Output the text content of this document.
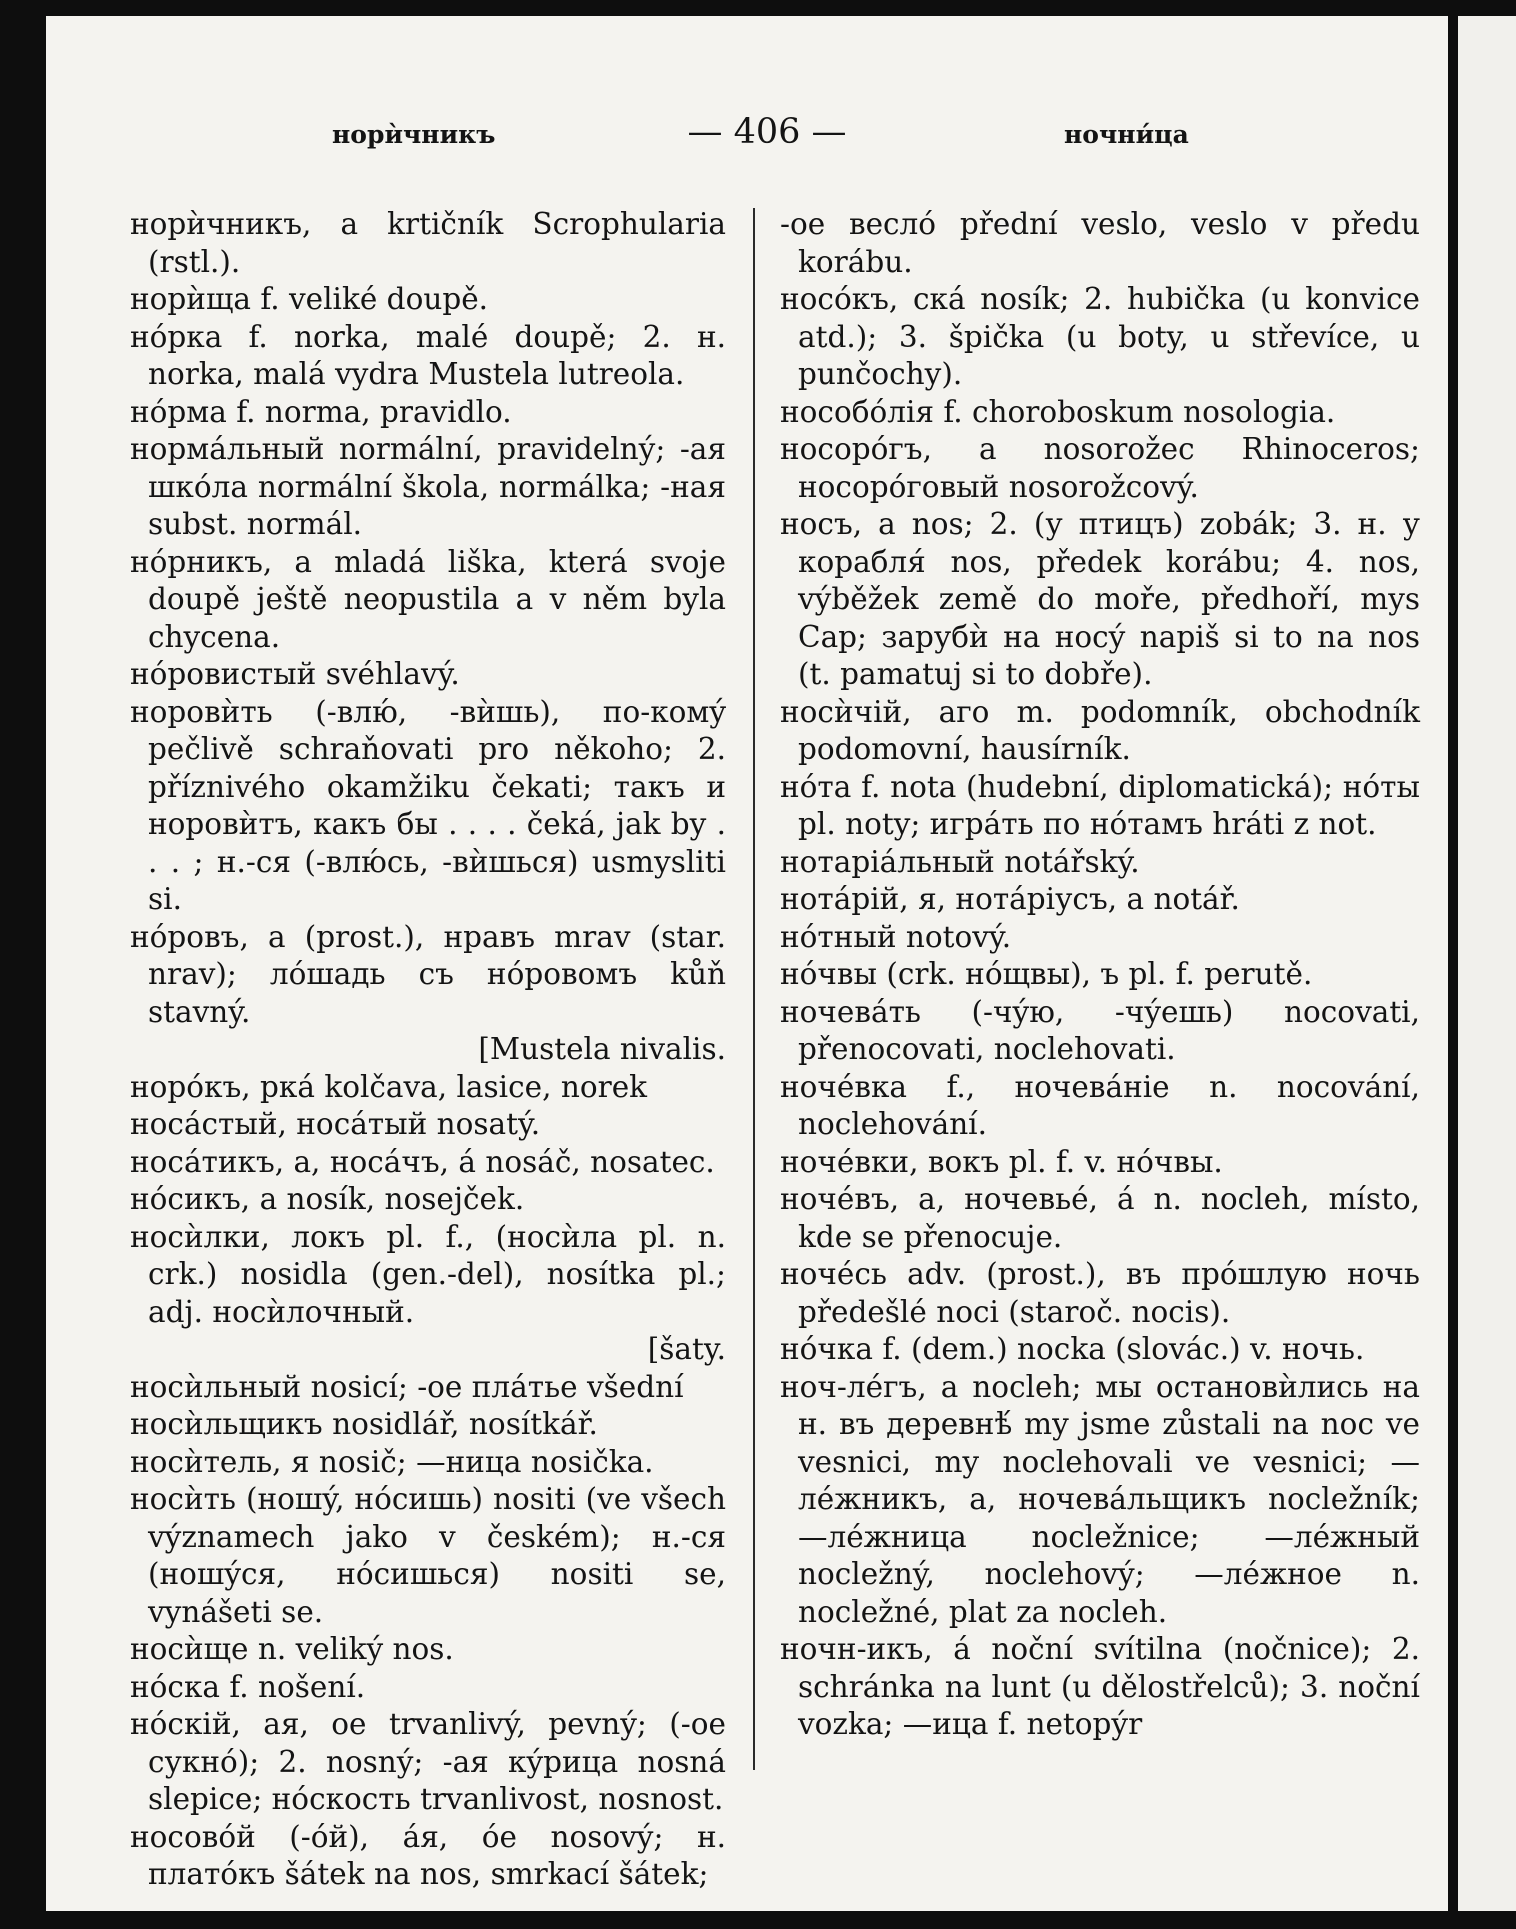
норѝчникъ	— 406 —	ночни́ца

норѝчникъ, а krtičník Scrophularia (rstl.).

норѝща f. veliké doupě.

нóрка f. norka, malé doupě; 2. н. norka, malá vydra Mustela lutreola.

нóрма f. norma, pravidlo.

нормáльный normální, pravidelný; -ая шкóла normální škola, normálka; -ная subst. normál.

нóрникъ, a mladá liška, která svoje doupě ještě neopustila a v něm byla chycena.

нóровистый svéhlavý.

норовѝть (-влю́, -вѝшь), по-комý pečlivě schraňovati pro někoho; 2. příznivého okamžiku čekati; такъ и норовѝтъ, какъ бы . . . . čeká, jak by . . . ; н.-ся (-влю́сь, -вѝшься) usmysliti si.

нóровъ, а (prost.), нравъ mrav (star. nrav); лóшадь съ нóровомъ kůň stavný.

[Mustela nivalis.

норóкъ, рка́ kolčava, lasice, norek

носáстый, носáтый nosatý.

носáтикъ, а, носáчъ, á nosáč, nosatec.

нóсикъ, а nosík, nosejček.

носѝлки, локъ pl. f., (носѝла pl. n. crk.) nosidla (gen.-del), nosítka pl.; adj. носѝлочный.

[šaty.

носѝльный nosicí; -ое плáтье všední

носѝльщикъ nosidlář, nosítkář.

носѝтель, я nosič; —ница nosička.

носѝть (ношý, нóсишь) nositi (ve všech významech jako v českém); н.-ся (ношýся, нóсишься) nositi se, vynášeti se.

носѝще n. veliký nos.

нóска f. nošení.

нóскій, ая, ое trvanlivý, pevný; (-ое сукнó); 2. nosný; -ая кýрица nosná slepice; нóскость trvanlivost, nosnost.

носовóй (-óй), áя, óе nosový; н. платóкъ šátek na nos, smrkací šátek;

-ое весло́ přední veslo, veslo v předu korábu.

носóкъ, ска́ nosík; 2. hubička (u konvice atd.); 3. špička (u boty, u střevíce, u punčochy).

нособóлія f. choroboskum nosologia.

носорóгъ, а nosorožec Rhinoceros; носорóговый nosorožcový.

носъ, а nos; 2. (у птицъ) zobák; 3. н. у корабля́ nos, předek korábu; 4. nos, výběžek země do moře, předhoří, mys Cap; зарубѝ на носý napiš si to na nos (t. pamatuj si to dobře).

носѝчій, аго m. podomník, obchodník podomovní, hausírník.

нóта f. nota (hudební, diplomatická); нóты pl. noty; игрáть по нóтамъ hráti z not.

нотаріáльный notářský.

нотáрій, я, нотáріусъ, а notář.

нóтный notový.

нóчвы (crk. нóщвы), ъ pl. f. perutě.

ночевáть (-чýю, -чýешь) nocovati, přenocovati, noclehovati.

ночéвка f., ночевáніе n. nocování, noclehování.

ночéвки, вокъ pl. f. v. нóчвы.

ночéвъ, а, ночевьé, á n. nocleh, místo, kde se přenocuje.

ночéсь adv. (prost.), въ прóшлую ночь předešlé noci (staroč. nocis).

нóчка f. (dem.) nocka (slovác.) v. ночь.

ноч-лéгъ, а nocleh; мы остановѝлись на н. въ деревнѣ́ my jsme zůstali na noc ve vesnici, my noclehovali ve vesnici; —лéжникъ, а, ночевáльщикъ nocležník; —лéжница nocležnice; —лéжный nocležný, noclehový; —лéжное n. nocležné, plat za nocleh.

ночн-икъ, á noční svítilna (nočnice); 2. schránka na lunt (u dělostřelců); 3. noční vozka; —ица f. netopýr
